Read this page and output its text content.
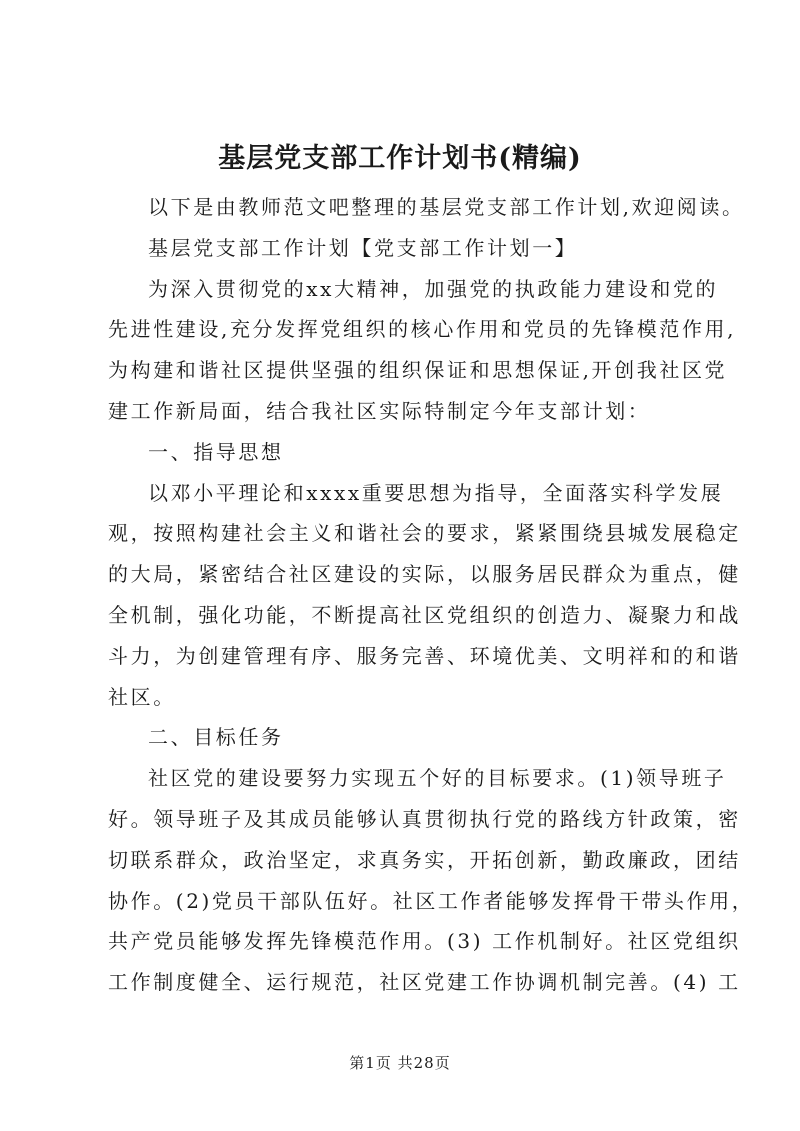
基层党支部工作计划书(精编)
以下是由教师范文吧整理的基层党支部工作计划,欢迎阅读。
基层党支部工作计划【党支部工作计划一】
为深入贯彻党的xx大精神，加强党的执政能力建设和党的
先进性建设,充分发挥党组织的核心作用和党员的先锋模范作用,
为构建和谐社区提供坚强的组织保证和思想保证,开创我社区党
建工作新局面，结合我社区实际特制定今年支部计划：
一、指导思想
以邓小平理论和xxxx重要思想为指导，全面落实科学发展
观，按照构建社会主义和谐社会的要求，紧紧围绕县城发展稳定
的大局，紧密结合社区建设的实际，以服务居民群众为重点，健
全机制，强化功能，不断提高社区党组织的创造力、凝聚力和战
斗力，为创建管理有序、服务完善、环境优美、文明祥和的和谐
社区。
二、目标任务
社区党的建设要努力实现五个好的目标要求。(1)领导班子
好。领导班子及其成员能够认真贯彻执行党的路线方针政策，密
切联系群众，政治坚定，求真务实，开拓创新，勤政廉政，团结
协作。(2)党员干部队伍好。社区工作者能够发挥骨干带头作用，
共产党员能够发挥先锋模范作用。(3) 工作机制好。社区党组织
工作制度健全、运行规范，社区党建工作协调机制完善。(4) 工
第1页 共28页
